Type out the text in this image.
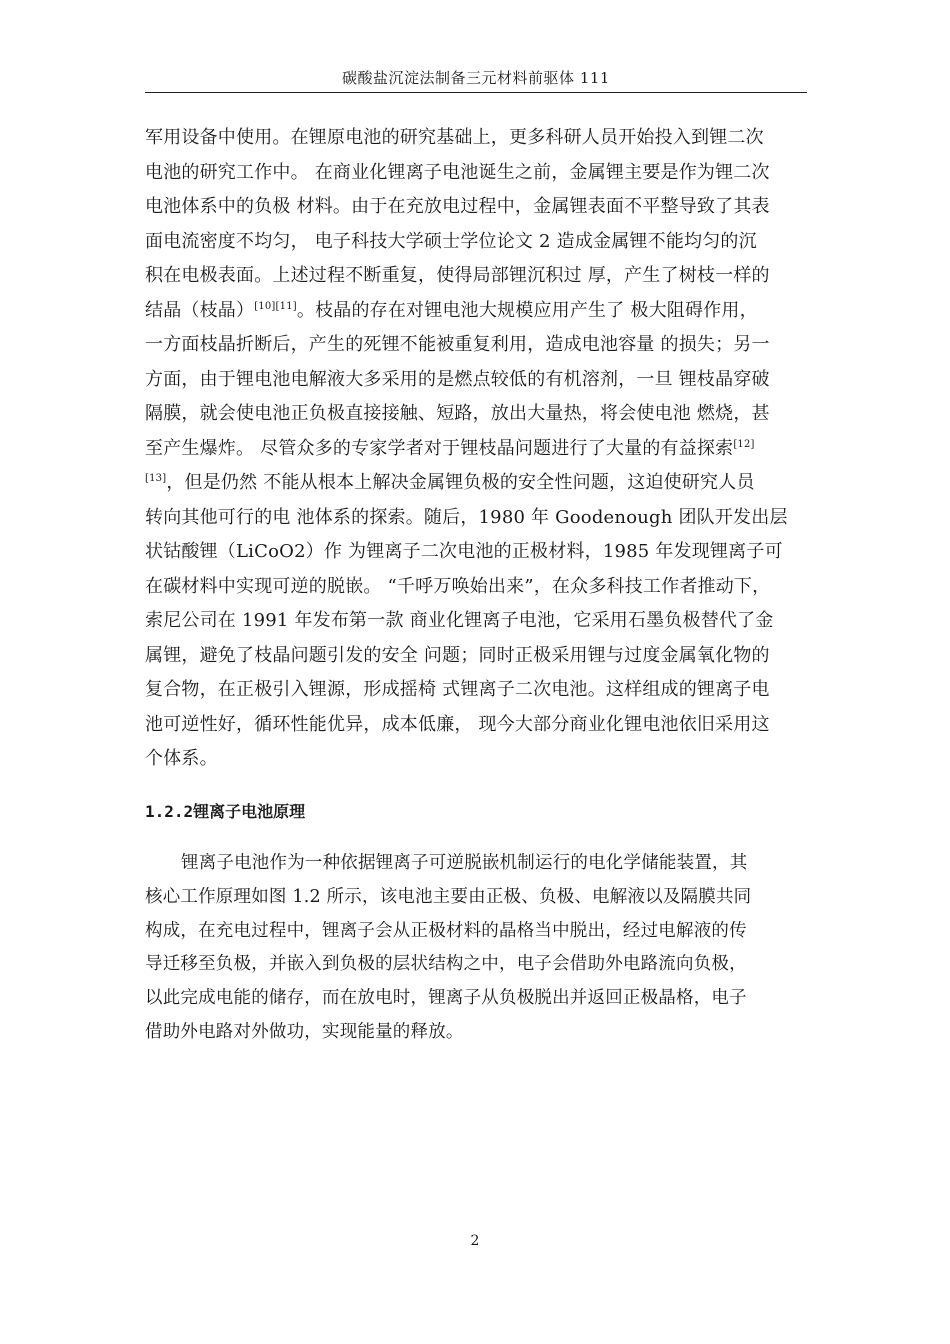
碳酸盐沉淀法制备三元材料前驱体 111
军用设备中使用。在锂原电池的研究基础上，更多科研人员开始投入到锂二次
电池的研究工作中。 在商业化锂离子电池诞生之前，金属锂主要是作为锂二次
电池体系中的负极 材料。由于在充放电过程中，金属锂表面不平整导致了其表
面电流密度不均匀， 电子科技大学硕士学位论文 2 造成金属锂不能均匀的沉
积在电极表面。上述过程不断重复，使得局部锂沉积过 厚，产生了树枝一样的
结晶（枝晶）[10][11]。枝晶的存在对锂电池大规模应用产生了 极大阻碍作用，
一方面枝晶折断后，产生的死锂不能被重复利用，造成电池容量 的损失；另一
方面，由于锂电池电解液大多采用的是燃点较低的有机溶剂，一旦 锂枝晶穿破
隔膜，就会使电池正负极直接接触、短路，放出大量热，将会使电池 燃烧，甚
至产生爆炸。 尽管众多的专家学者对于锂枝晶问题进行了大量的有益探索[12]
[13]，但是仍然 不能从根本上解决金属锂负极的安全性问题，这迫使研究人员
转向其他可行的电 池体系的探索。随后，1980 年 Goodenough 团队开发出层
状钴酸锂（LiCoO2）作 为锂离子二次电池的正极材料，1985 年发现锂离子可
在碳材料中实现可逆的脱嵌。 “千呼万唤始出来”，在众多科技工作者推动下，
索尼公司在 1991 年发布第一款 商业化锂离子电池，它采用石墨负极替代了金
属锂，避免了枝晶问题引发的安全 问题；同时正极采用锂与过度金属氧化物的
复合物，在正极引入锂源，形成摇椅 式锂离子二次电池。这样组成的锂离子电
池可逆性好，循环性能优异，成本低廉， 现今大部分商业化锂电池依旧采用这
个体系。
1.2.2锂离子电池原理
锂离子电池作为一种依据锂离子可逆脱嵌机制运行的电化学储能装置，其
核心工作原理如图 1.2 所示，该电池主要由正极、负极、电解液以及隔膜共同
构成，在充电过程中，锂离子会从正极材料的晶格当中脱出，经过电解液的传
导迁移至负极，并嵌入到负极的层状结构之中，电子会借助外电路流向负极，
以此完成电能的储存，而在放电时，锂离子从负极脱出并返回正极晶格，电子
借助外电路对外做功，实现能量的释放。
2
